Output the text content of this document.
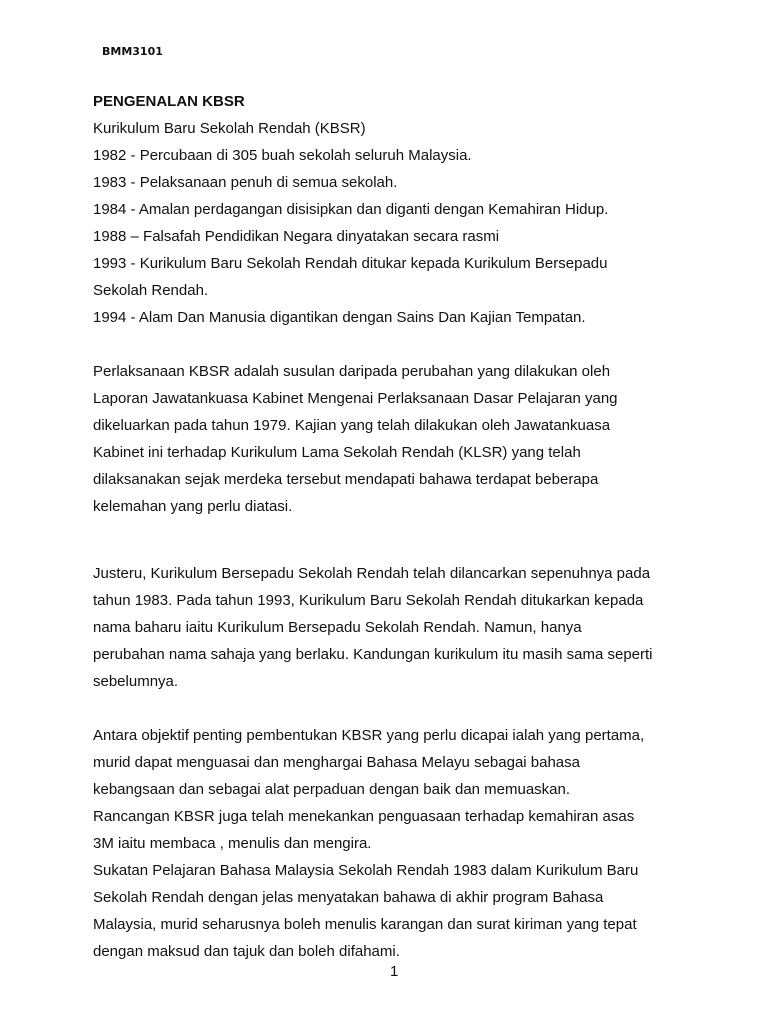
BMM3101

PENGENALAN KBSR

Kurikulum Baru Sekolah Rendah (KBSR)

1982 - Percubaan di 305 buah sekolah seluruh Malaysia.

1983 - Pelaksanaan penuh di semua sekolah.

1984 - Amalan perdagangan disisipkan dan diganti dengan Kemahiran Hidup.

1988 – Falsafah Pendidikan Negara dinyatakan secara rasmi

1993 - Kurikulum Baru Sekolah Rendah ditukar kepada Kurikulum Bersepadu

Sekolah Rendah.

1994 - Alam Dan Manusia digantikan dengan Sains Dan Kajian Tempatan.

Perlaksanaan KBSR adalah susulan daripada perubahan yang dilakukan oleh

Laporan Jawatankuasa Kabinet Mengenai Perlaksanaan Dasar Pelajaran yang

dikeluarkan pada tahun 1979. Kajian yang telah dilakukan oleh Jawatankuasa

Kabinet ini terhadap Kurikulum Lama Sekolah Rendah (KLSR) yang telah

dilaksanakan sejak merdeka tersebut mendapati bahawa terdapat beberapa

kelemahan yang perlu diatasi.

Justeru, Kurikulum Bersepadu Sekolah Rendah telah dilancarkan sepenuhnya pada

tahun 1983. Pada tahun 1993, Kurikulum Baru Sekolah Rendah ditukarkan kepada

nama baharu iaitu Kurikulum Bersepadu Sekolah Rendah. Namun, hanya

perubahan nama sahaja yang berlaku. Kandungan kurikulum itu masih sama seperti

sebelumnya.

Antara objektif penting pembentukan KBSR yang perlu dicapai ialah yang pertama,

murid dapat menguasai dan menghargai Bahasa Melayu sebagai bahasa

kebangsaan dan sebagai alat perpaduan dengan baik dan memuaskan.

Rancangan KBSR juga telah menekankan penguasaan terhadap kemahiran asas

3M iaitu membaca , menulis dan mengira.

Sukatan Pelajaran Bahasa Malaysia Sekolah Rendah 1983 dalam Kurikulum Baru

Sekolah Rendah dengan jelas menyatakan bahawa di akhir program Bahasa

Malaysia, murid seharusnya boleh menulis karangan dan surat kiriman yang tepat

dengan maksud dan tajuk dan boleh difahami.

1
